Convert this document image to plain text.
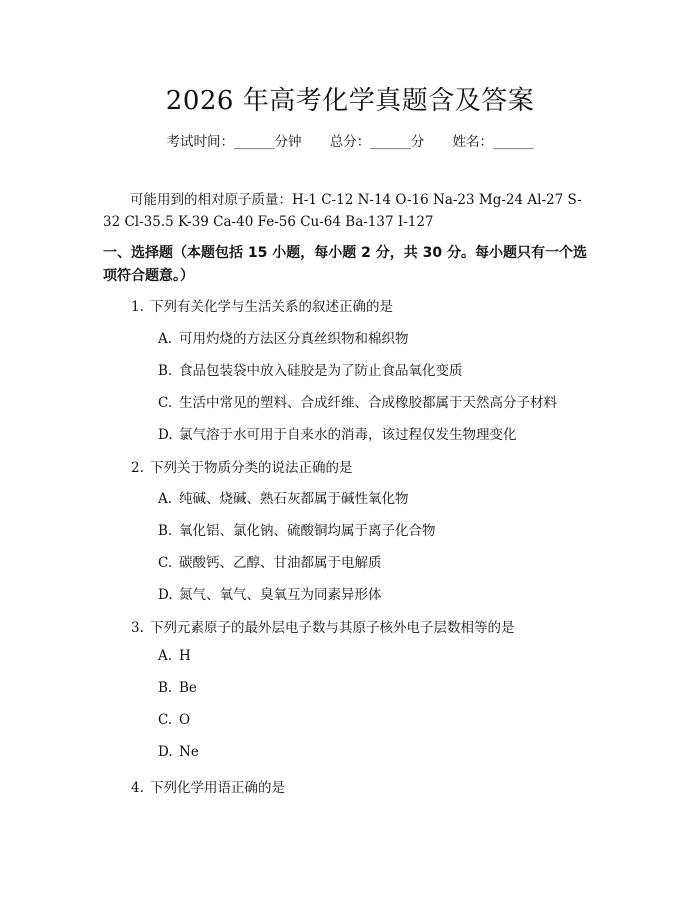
2026 年高考化学真题含及答案
考试时间：______分钟 总分：______分 姓名：______
可能用到的相对原子质量：H-1 C-12 N-14 O-16 Na-23 Mg-24 Al-27 S-32 Cl-35.5 K-39 Ca-40 Fe-56 Cu-64 Ba-137 I-127
一、选择题（本题包括 15 小题，每小题 2 分，共 30 分。每小题只有一个选项符合题意。）
1. 下列有关化学与生活关系的叙述正确的是
A. 可用灼烧的方法区分真丝织物和棉织物
B. 食品包装袋中放入硅胶是为了防止食品氧化变质
C. 生活中常见的塑料、合成纤维、合成橡胶都属于天然高分子材料
D. 氯气溶于水可用于自来水的消毒，该过程仅发生物理变化
2. 下列关于物质分类的说法正确的是
A. 纯碱、烧碱、熟石灰都属于碱性氧化物
B. 氧化铝、氯化钠、硫酸铜均属于离子化合物
C. 碳酸钙、乙醇、甘油都属于电解质
D. 氮气、氧气、臭氧互为同素异形体
3. 下列元素原子的最外层电子数与其原子核外电子层数相等的是
A. H
B. Be
C. O
D. Ne
4. 下列化学用语正确的是
